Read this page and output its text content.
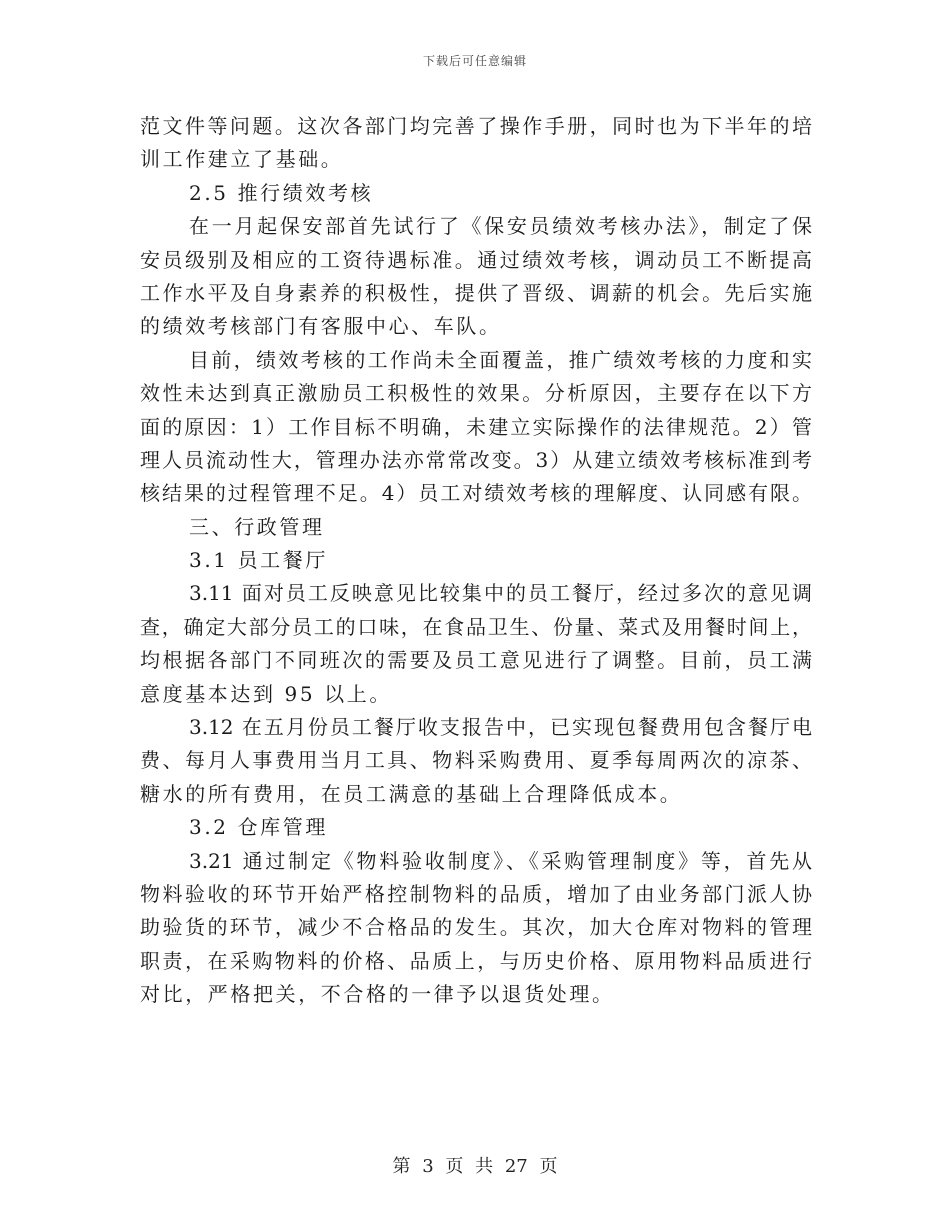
下载后可任意编辑
范文件等问题。这次各部门均完善了操作手册，同时也为下半年的培
训工作建立了基础。
2.5 推行绩效考核
在一月起保安部首先试行了《保安员绩效考核办法》，制定了保
安员级别及相应的工资待遇标准。通过绩效考核，调动员工不断提高
工作水平及自身素养的积极性，提供了晋级、调薪的机会。先后实施
的绩效考核部门有客服中心、车队。
目前，绩效考核的工作尚未全面覆盖，推广绩效考核的力度和实
效性未达到真正激励员工积极性的效果。分析原因，主要存在以下方
面的原因：1）工作目标不明确，未建立实际操作的法律规范。2）管
理人员流动性大，管理办法亦常常改变。3）从建立绩效考核标准到考
核结果的过程管理不足。4）员工对绩效考核的理解度、认同感有限。
三、行政管理
3.1 员工餐厅
3.11 面对员工反映意见比较集中的员工餐厅，经过多次的意见调
查，确定大部分员工的口味，在食品卫生、份量、菜式及用餐时间上，
均根据各部门不同班次的需要及员工意见进行了调整。目前，员工满
意度基本达到 95 以上。
3.12 在五月份员工餐厅收支报告中，已实现包餐费用包含餐厅电
费、每月人事费用当月工具、物料采购费用、夏季每周两次的凉茶、
糖水的所有费用，在员工满意的基础上合理降低成本。
3.2 仓库管理
3.21 通过制定《物料验收制度》、《采购管理制度》等，首先从
物料验收的环节开始严格控制物料的品质，增加了由业务部门派人协
助验货的环节，减少不合格品的发生。其次，加大仓库对物料的管理
职责，在采购物料的价格、品质上，与历史价格、原用物料品质进行
对比，严格把关，不合格的一律予以退货处理。
第 3 页 共 27 页
